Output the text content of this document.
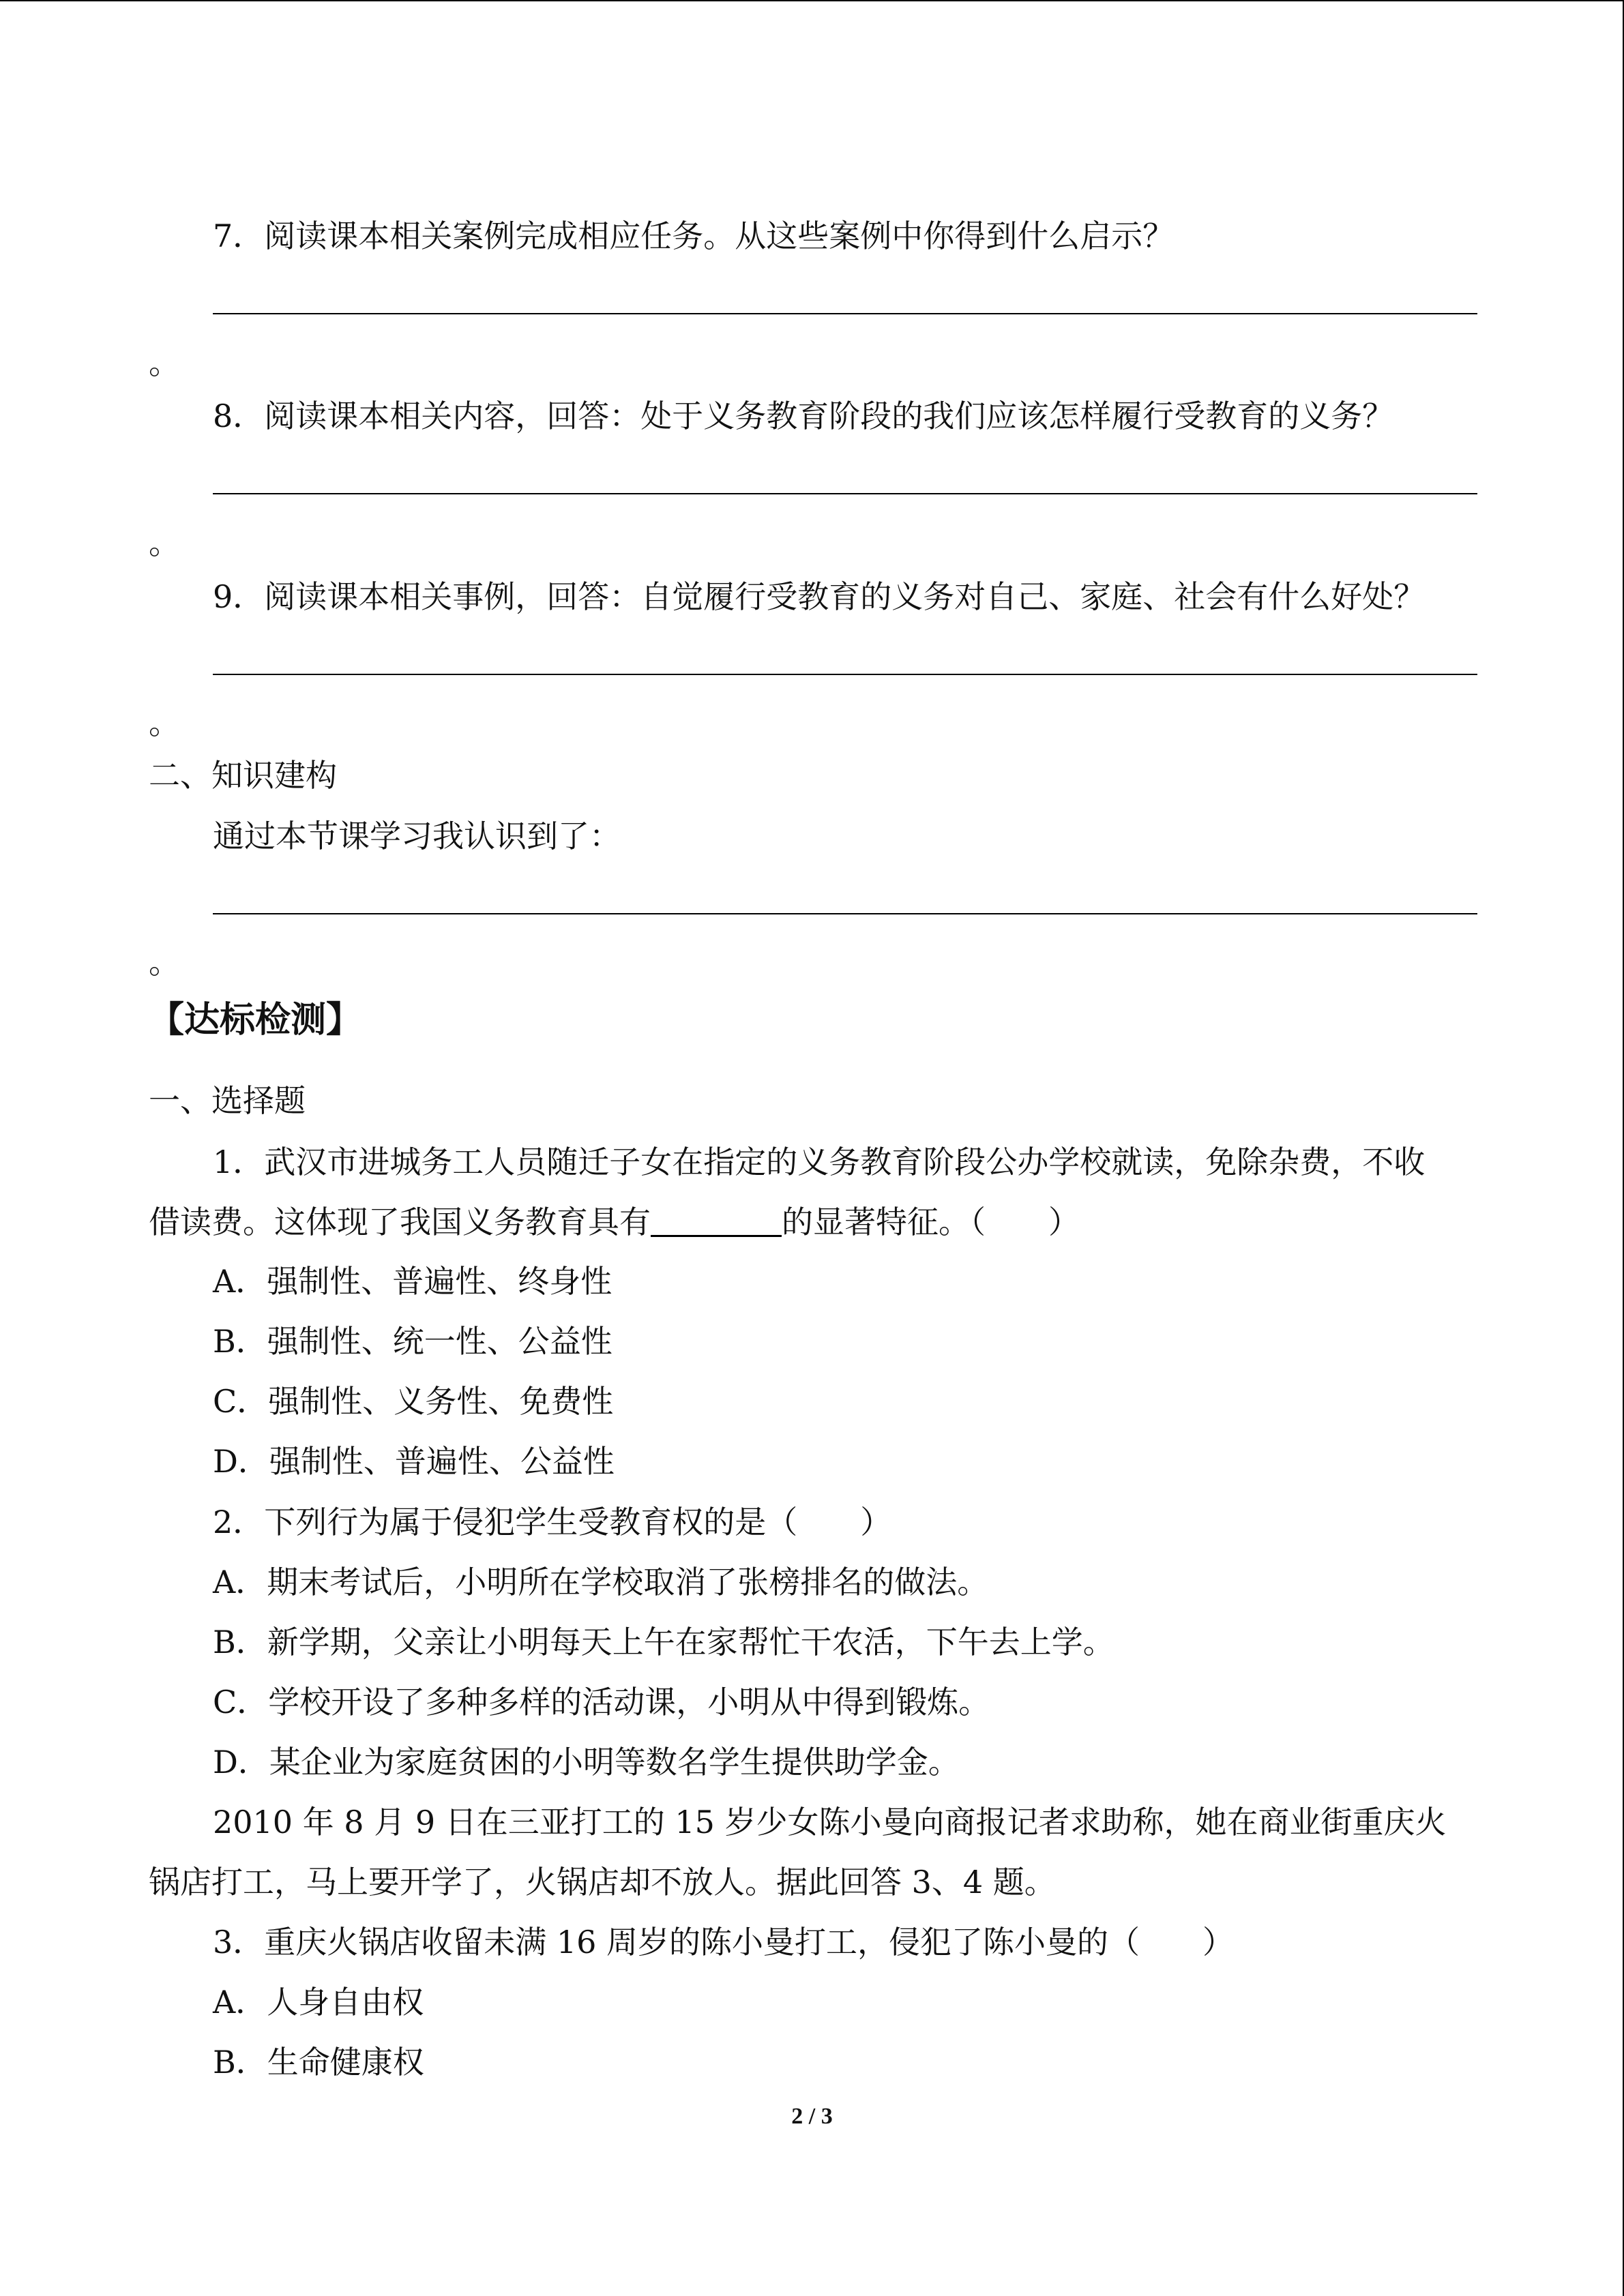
7．阅读课本相关案例完成相应任务。从这些案例中你得到什么启示？
。
8．阅读课本相关内容，回答：处于义务教育阶段的我们应该怎样履行受教育的义务？
。
9．阅读课本相关事例，回答：自觉履行受教育的义务对自己、家庭、社会有什么好处？
。
二、知识建构
通过本节课学习我认识到了：
。
【达标检测】
一、选择题
1．武汉市进城务工人员随迁子女在指定的义务教育阶段公办学校就读，免除杂费，不收
借读费。这体现了我国义务教育具有	的显著特征。（　　）
A．强制性、普遍性、终身性
B．强制性、统一性、公益性
C．强制性、义务性、免费性
D．强制性、普遍性、公益性
2．下列行为属于侵犯学生受教育权的是（　　）
A．期末考试后，小明所在学校取消了张榜排名的做法。
B．新学期，父亲让小明每天上午在家帮忙干农活，下午去上学。
C．学校开设了多种多样的活动课，小明从中得到锻炼。
D．某企业为家庭贫困的小明等数名学生提供助学金。
2010 年 8 月 9 日在三亚打工的 15 岁少女陈小曼向商报记者求助称，她在商业街重庆火
锅店打工，马上要开学了，火锅店却不放人。据此回答 3、4 题。
3．重庆火锅店收留未满 16 周岁的陈小曼打工，侵犯了陈小曼的（　　）
A．人身自由权
B．生命健康权
2 / 3
